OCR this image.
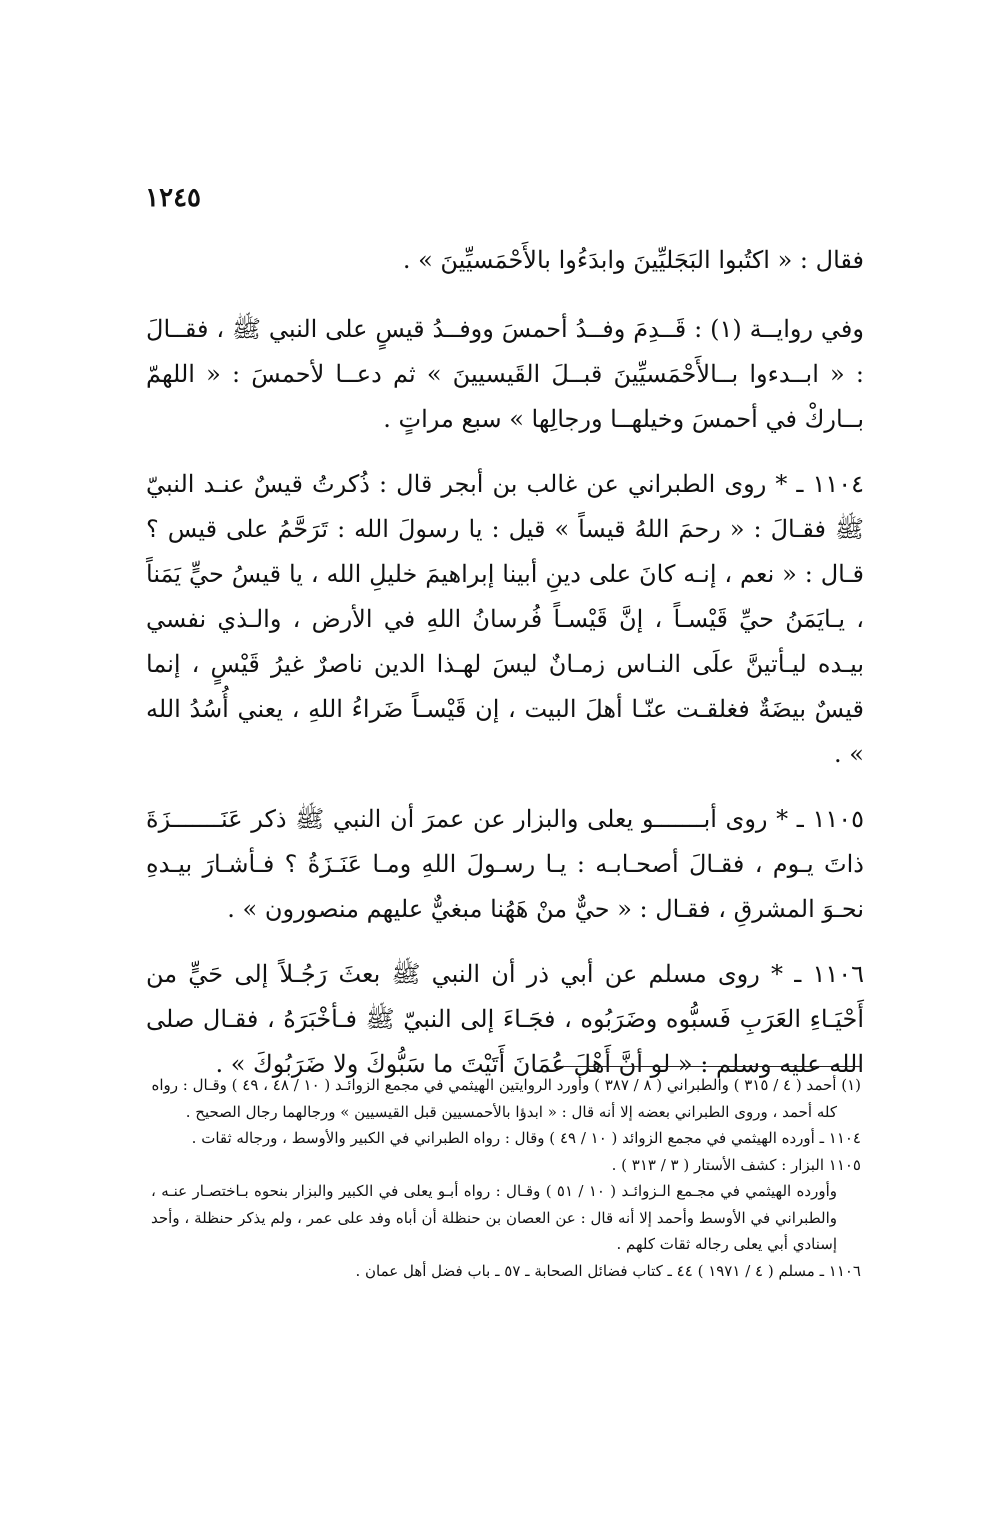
١٢٤٥

فقال : « اكتُبوا البَجَليِّينَ وابدَءُوا بالأَحْمَسيِّينَ » .

وفي روايــة (١) : قَــدِمَ وفــدُ أحمسَ ووفــدُ قيسٍ على النبي ﷺ ، فقــالَ : « ابــدءوا بــالأَحْمَسيِّينَ قبــلَ القَيسيينَ » ثم دعــا لأحمسَ : « اللهمّ بــاركْ في أحمسَ وخيلهــا ورجالِها » سبع مراتٍ .

١١٠٤ ـ * روى الطبراني عن غالب بن أبجر قال : ذُكرتُ قيسٌ عنـد النبيّ ﷺ فقـالَ : « رحمَ اللهُ قيساً » قيل : يا رسولَ الله : تَرَحَّمُ على قيس ؟ قـال : « نعم ، إنـه كانَ على دينِ أبينا إبراهيمَ خليلِ الله ، يا قيسُ حيٍّ يَمَناً ، يـايَمَنُ حيِّ قَيْسـاً ، إنَّ قَيْسـاً فُرسانُ اللهِ في الأرض ، والـذي نفسي بيـده ليـأتينَّ علَى النـاس زمـانٌ ليسَ لهـذا الدين ناصرٌ غيرُ قَيْسٍ ، إنما قيسٌ بيضَةٌ فغلقـت عنّـا أهلَ البيت ، إن قَيْسـاً ضَراءُ اللهِ ، يعني أُسُدُ الله » .

١١٠٥ ـ * روى أبـــــــو يعلى والبزار عن عمرَ أن النبي ﷺ ذكر عَنَـــــــزَةَ ذاتَ يـوم ، فقـالَ أصحـابـه : يـا رسـولَ اللهِ ومـا عَنَـزَةُ ؟ فـأشـارَ بيـدهِ نحـوَ المشرقِ ، فقـال : « حيٌّ منْ هَهُنا مبغيٌّ عليهم منصورون » .

١١٠٦ ـ * روى مسلم عن أبي ذر أن النبي ﷺ بعثَ رَجُـلاً إلى حَيٍّ من أَحْيَـاءِ العَرَبِ فَسبُّوه وضَرَبُوه ، فجَـاءَ إلى النبيّ ﷺ فـأخْبَرَهُ ، فقـال صلى الله عليه وسلم : « لو أنَّ أَهْلَ عُمَانَ أَتَيْتَ ما سَبُّوكَ ولا ضَرَبُوكَ » .

(١) أحمد ( ٤ / ٣١٥ ) والطبراني ( ٨ / ٣٨٧ ) وأورد الروايتين الهيثمي في مجمع الزوائـد ( ١٠ / ٤٨ ، ٤٩ ) وقـال : رواه

كله أحمد ، وروى الطبراني بعضه إلا أنه قال : « ابدؤا بالأحمسيين قبل القيسيين » ورجالهما رجال الصحيح .

١١٠٤ ـ أورده الهيثمي في مجمع الزوائد ( ١٠ / ٤٩ ) وقال : رواه الطبراني في الكبير والأوسط ، ورجاله ثقات .

١١٠٥ البزار : كشف الأستار ( ٣ / ٣١٣ ) .

وأورده الهيثمي في مجـمع الـزوائـد ( ١٠ / ٥١ ) وقـال : رواه أبـو يعلى في الكبير والبزار بنحوه بـاختصـار عنـه ، والطبراني في الأوسط وأحمد إلا أنه قال : عن العصان بن حنظلة أن أباه وفد على عمر ، ولم يذكر حنظلة ، وأحد إسنادي أبي يعلى رجاله ثقات كلهم .

١١٠٦ ـ مسلم ( ٤ / ١٩٧١ ) ٤٤ ـ كتاب فضائل الصحابة ـ ٥٧ ـ باب فضل أهل عمان .
